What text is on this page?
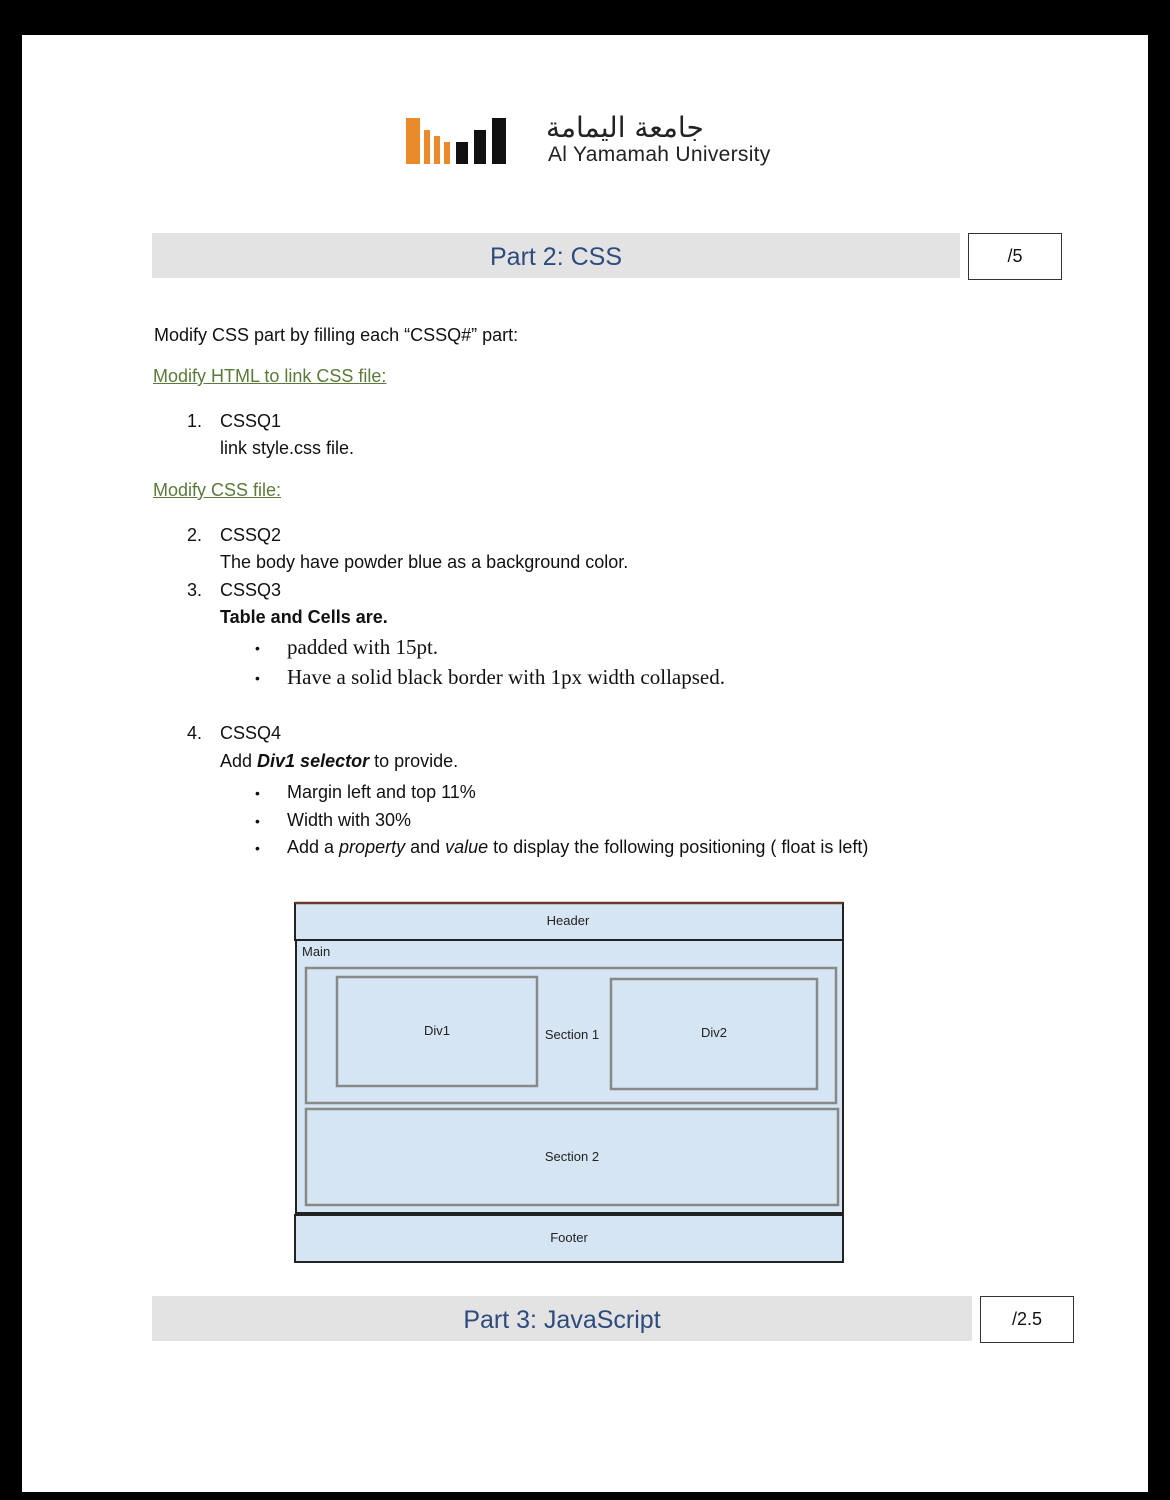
جامعة اليمامة
Al Yamamah University
Part 2: CSS	/5
Modify CSS part by filling each “CSSQ#” part:
Modify HTML to link CSS file:
1. CSSQ1
link style.css file.
Modify CSS file:
2. CSSQ2
The body have powder blue as a background color.
3. CSSQ3
Table and Cells are.
• padded with 15pt.
• Have a solid black border with 1px width collapsed.
4. CSSQ4
Add Div1 selector to provide.
• Margin left and top 11%
• Width with 30%
• Add a property and value to display the following positioning ( float is left)
Header
Main
Section 1
Div1	Div2
Section 2
Footer
Part 3: JavaScript	/2.5
